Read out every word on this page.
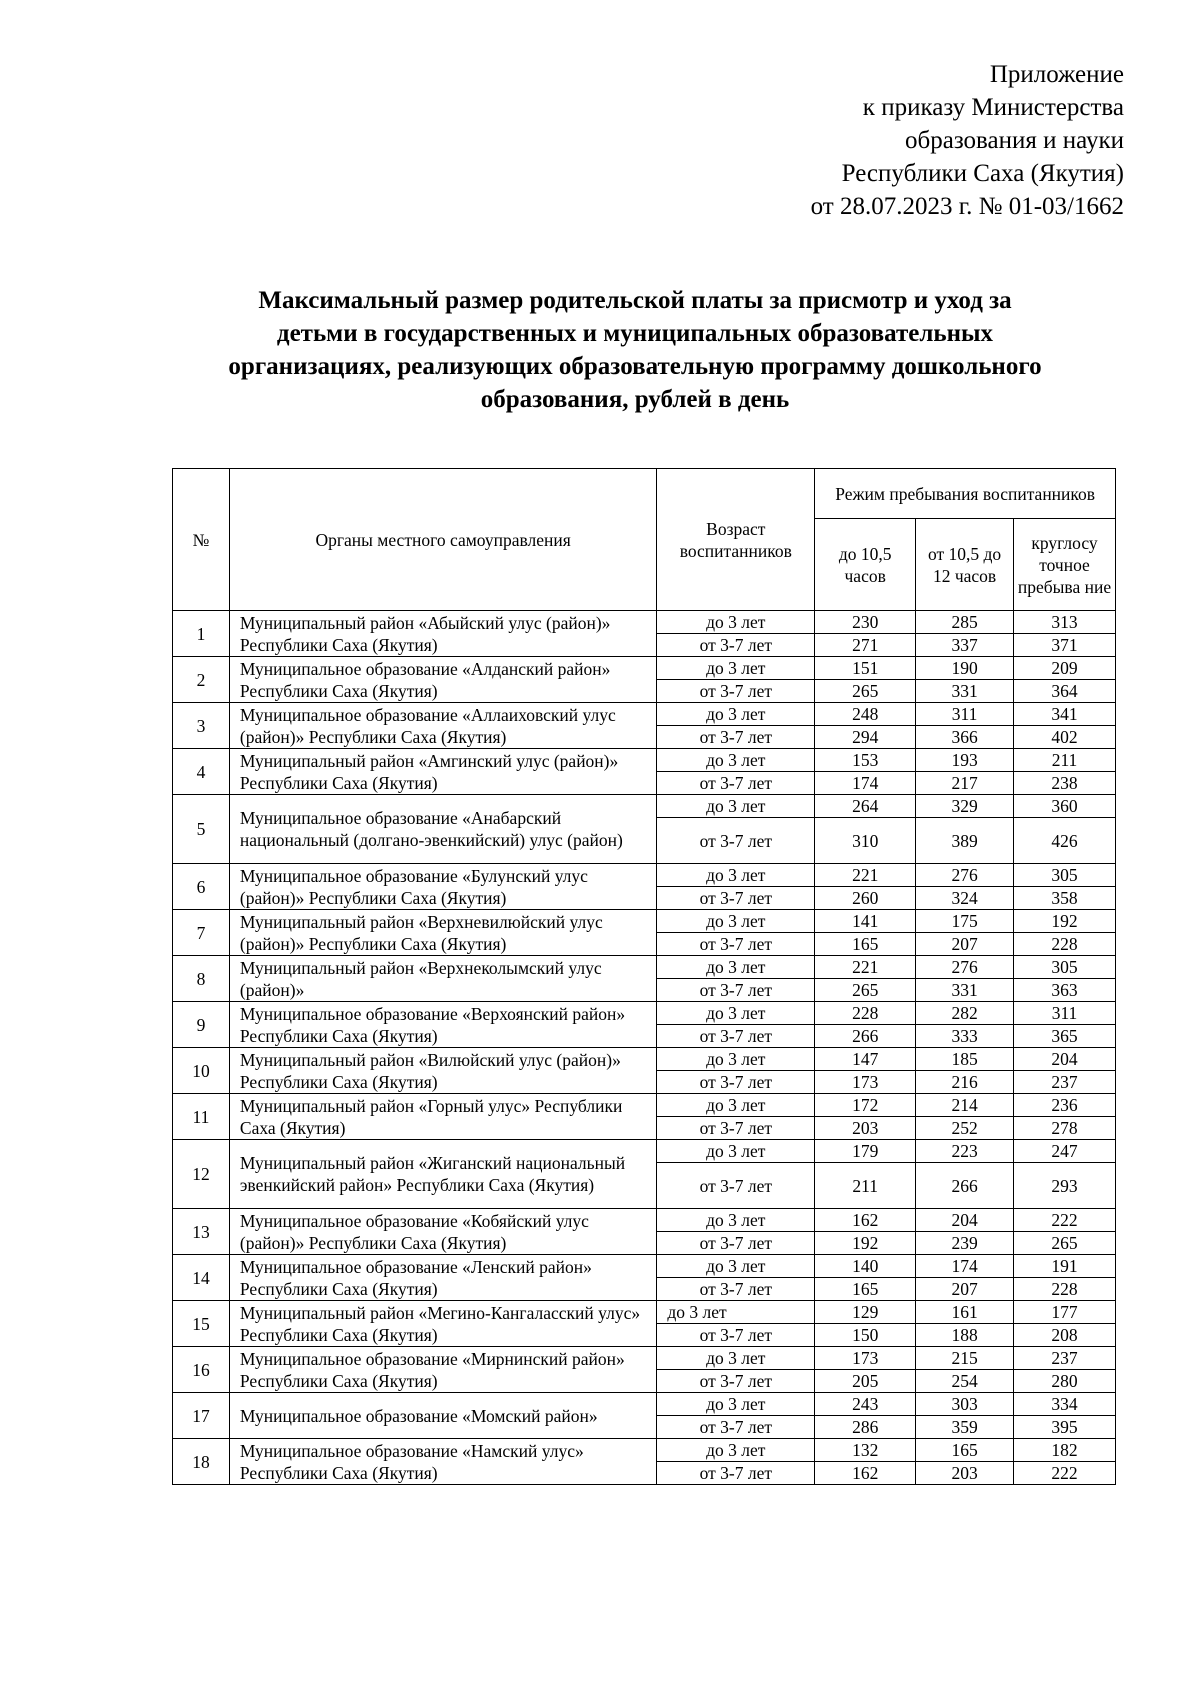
Приложение
к приказу Министерства
образования и науки
Республики Саха (Якутия)
от 28.07.2023 г. № 01-03/1662
Максимальный размер родительской платы за присмотр и уход за
детьми в государственных и муниципальных образовательных
организациях, реализующих образовательную программу дошкольного
образования, рублей в день
№	Органы местного самоуправления	Возраст воспитанников	Режим пребывания воспитанников		
			до 10,5 часов	от 10,5 до 12 часов	круглосу точное пребыва ние
1	Муниципальный район «Абыйский улус (район)» Республики Саха (Якутия)	до 3 лет	230	285	313
		от 3-7 лет	271	337	371
2	Муниципальное образование «Алданский район» Республики Саха (Якутия)	до 3 лет	151	190	209
		от 3-7 лет	265	331	364
3	Муниципальное образование «Аллаиховский улус (район)» Республики Саха (Якутия)	до 3 лет	248	311	341
		от 3-7 лет	294	366	402
4	Муниципальный район «Амгинский улус (район)» Республики Саха (Якутия)	до 3 лет	153	193	211
		от 3-7 лет	174	217	238
5	Муниципальное образование «Анабарский национальный (долгано-эвенкийский) улус (район)	до 3 лет	264	329	360
		от 3-7 лет	310	389	426
6	Муниципальное образование «Булунский улус (район)» Республики Саха (Якутия)	до 3 лет	221	276	305
		от 3-7 лет	260	324	358
7	Муниципальный район «Верхневилюйский улус (район)» Республики Саха (Якутия)	до 3 лет	141	175	192
		от 3-7 лет	165	207	228
8	Муниципальный район «Верхнеколымский улус (район)»	до 3 лет	221	276	305
		от 3-7 лет	265	331	363
9	Муниципальное образование «Верхоянский район» Республики Саха (Якутия)	до 3 лет	228	282	311
		от 3-7 лет	266	333	365
10	Муниципальный район «Вилюйский улус (район)» Республики Саха (Якутия)	до 3 лет	147	185	204
		от 3-7 лет	173	216	237
11	Муниципальный район «Горный улус» Республики Саха (Якутия)	до 3 лет	172	214	236
		от 3-7 лет	203	252	278
12	Муниципальный район «Жиганский национальный эвенкийский район» Республики Саха (Якутия)	до 3 лет	179	223	247
		от 3-7 лет	211	266	293
13	Муниципальное образование «Кобяйский улус (район)» Республики Саха (Якутия)	до 3 лет	162	204	222
		от 3-7 лет	192	239	265
14	Муниципальное образование «Ленский район» Республики Саха (Якутия)	до 3 лет	140	174	191
		от 3-7 лет	165	207	228
15	Муниципальный район «Мегино-Кангаласский улус» Республики Саха (Якутия)	до 3 лет	129	161	177
		от 3-7 лет	150	188	208
16	Муниципальное образование «Мирнинский район» Республики Саха (Якутия)	до 3 лет	173	215	237
		от 3-7 лет	205	254	280
17	Муниципальное образование «Момский район»	до 3 лет	243	303	334
		от 3-7 лет	286	359	395
18	Муниципальное образование «Намский улус» Республики Саха (Якутия)	до 3 лет	132	165	182
		от 3-7 лет	162	203	222
